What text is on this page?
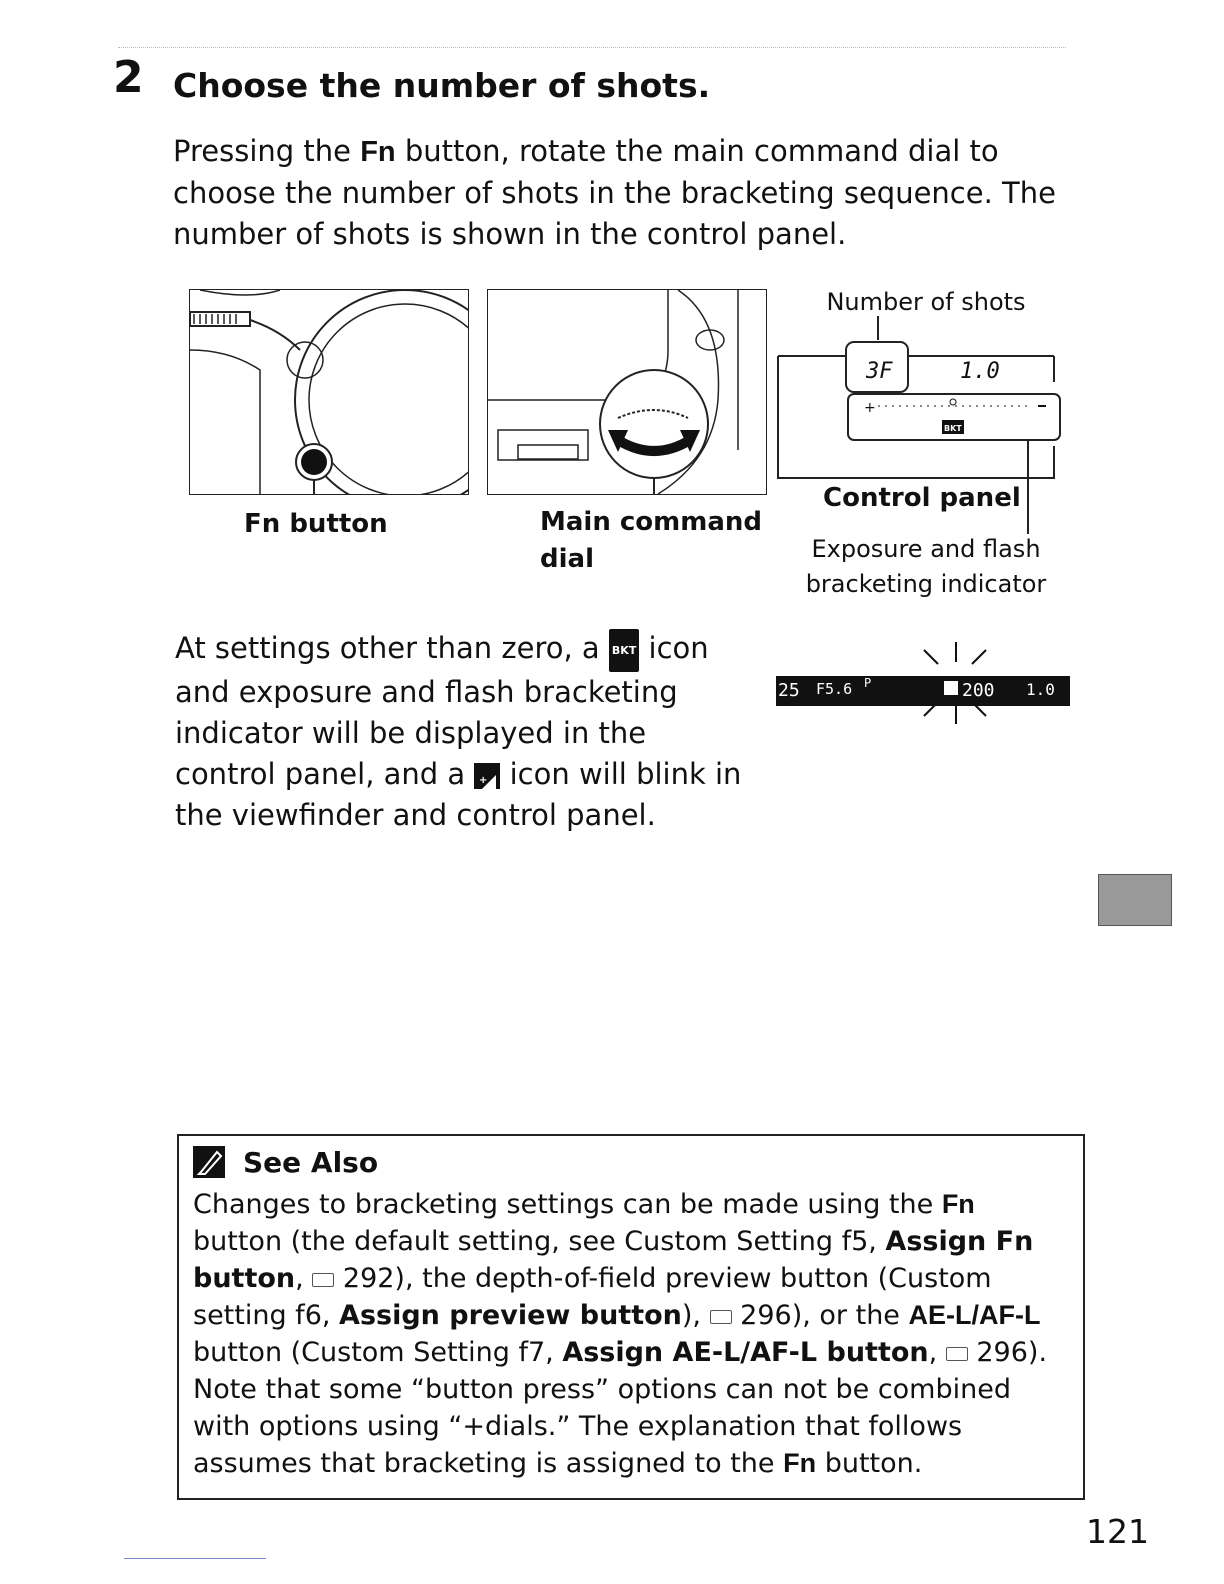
2 Choose the number of shots.
Pressing the Fn button, rotate the main command dial to choose the number of shots in the bracketing sequence. The number of shots is shown in the control panel.
Fn button	Main command
dial
Number of shots
3F	1.0
+
BKT
Control panel
Exposure and flash
bracketing indicator
At settings other than zero, a BKT icon and exposure and flash bracketing indicator will be displayed in the control panel, and a + icon will blink in the viewfinder and control panel.
25 F5.6 P	200 1.0
See Also
Changes to bracketing settings can be made using the Fn button (the default setting, see Custom Setting f5, Assign Fn button,  292), the depth-of-field preview button (Custom setting f6, Assign preview button),  296), or the AE-L/AF-L button (Custom Setting f7, Assign AE-L/AF-L button,  296). Note that some “button press” options can not be combined with options using “+dials.” The explanation that follows assumes that bracketing is assigned to the Fn button.
121
